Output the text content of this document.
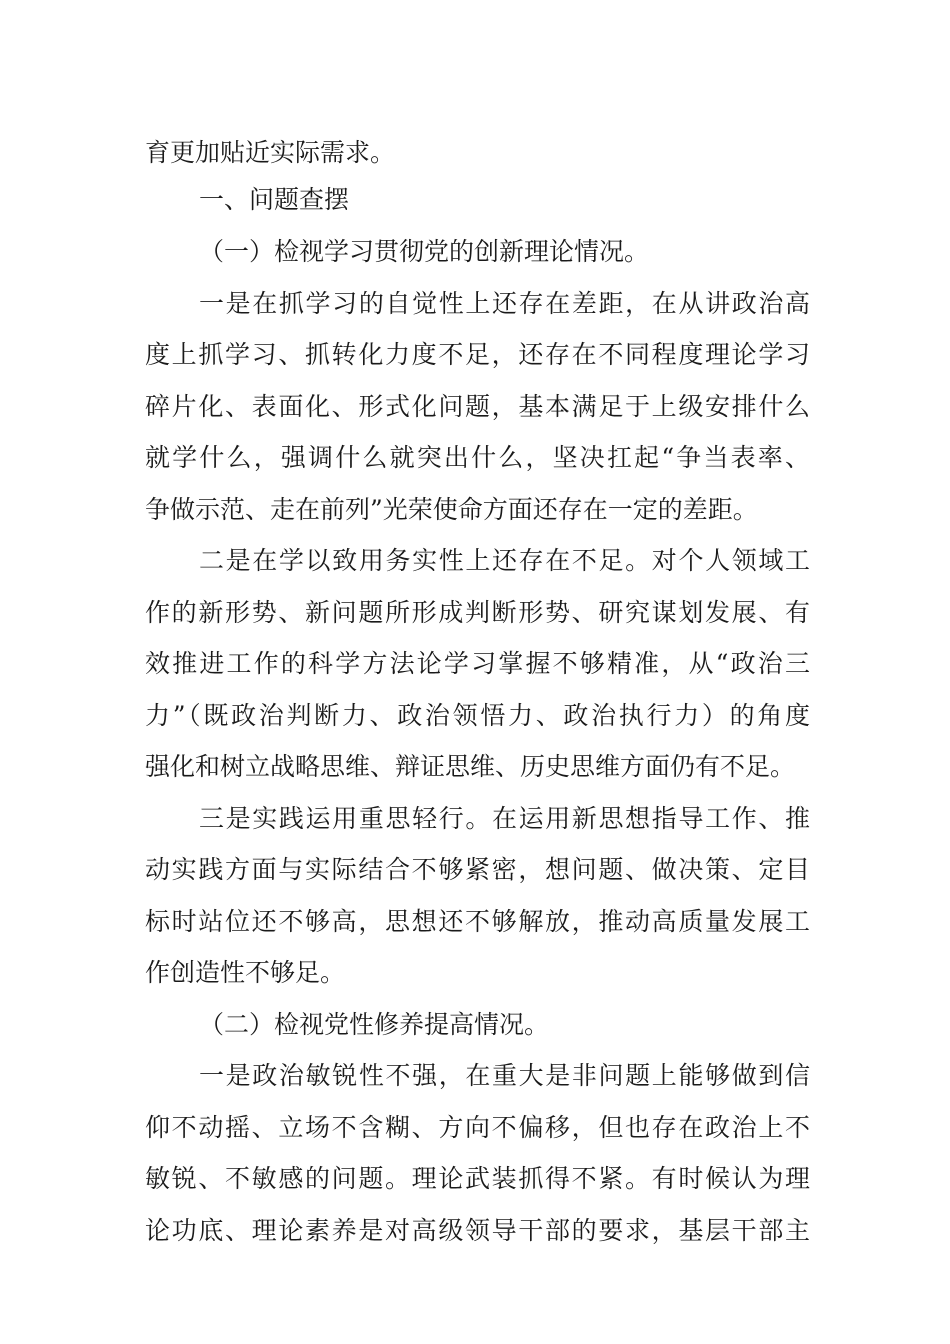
育更加贴近实际需求。
一、问题查摆
（一）检视学习贯彻党的创新理论情况。
一是在抓学习的自觉性上还存在差距，在从讲政治高
度上抓学习、抓转化力度不足，还存在不同程度理论学习
碎片化、表面化、形式化问题，基本满足于上级安排什么
就学什么，强调什么就突出什么，坚决扛起“争当表率、
争做示范、走在前列”光荣使命方面还存在一定的差距。
二是在学以致用务实性上还存在不足。对个人领域工
作的新形势、新问题所形成判断形势、研究谋划发展、有
效推进工作的科学方法论学习掌握不够精准，从“政治三
力”（既政治判断力、政治领悟力、政治执行力）的角度
强化和树立战略思维、辩证思维、历史思维方面仍有不足。
三是实践运用重思轻行。在运用新思想指导工作、推
动实践方面与实际结合不够紧密，想问题、做决策、定目
标时站位还不够高，思想还不够解放，推动高质量发展工
作创造性不够足。
（二）检视党性修养提高情况。
一是政治敏锐性不强，在重大是非问题上能够做到信
仰不动摇、立场不含糊、方向不偏移，但也存在政治上不
敏锐、不敏感的问题。理论武装抓得不紧。有时候认为理
论功底、理论素养是对高级领导干部的要求，基层干部主
